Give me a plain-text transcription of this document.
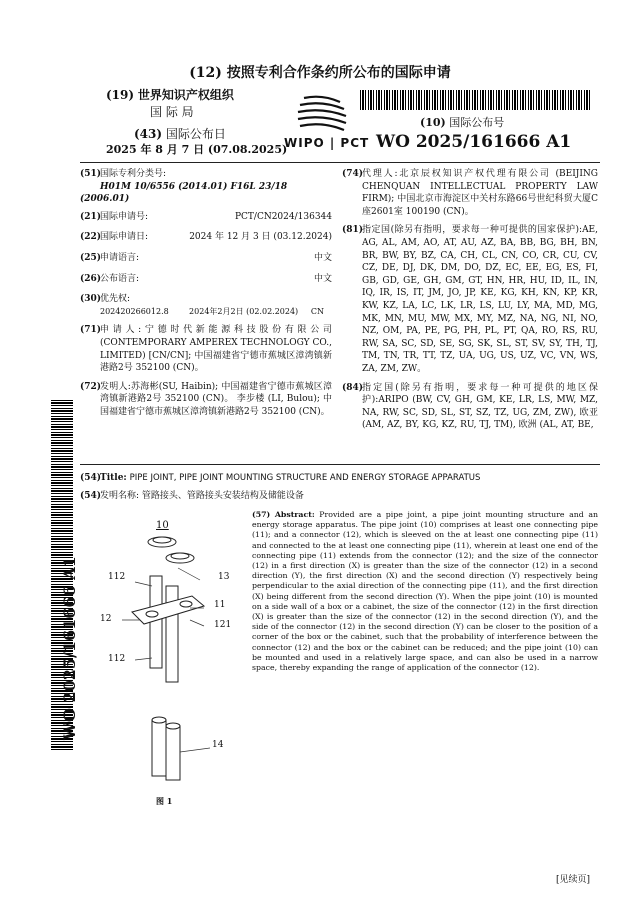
(12) 按照专利合作条约所公布的国际申请
(19) 世界知识产权组织
国 际 局
(43) 国际公布日
2025 年 8 月 7 日 (07.08.2025)
WIPO | PCT
(10) 国际公布号
WO 2025/161666 A1
(51)国际专利分类号:
H01M 10/6556 (2014.01) F16L 23/18 (2006.01)
(21)国际申请号:	PCT/CN2024/136344
(22)国际申请日:	2024 年 12 月 3 日 (03.12.2024)
(25)申请语言:	中文
(26)公布语言:	中文
(30)优先权:
202420266012.8        2024年2月2日 (02.02.2024)     CN
(71)
申请人:宁德时代新能源科技股份有限公司 (CONTEMPORARY AMPEREX TECHNOLOGY CO., LIMITED) [CN/CN]; 中国福建省宁德市蕉城区漳湾镇新港路2号 352100 (CN)。
(72)
发明人:苏海彬(SU, Haibin); 中国福建省宁德市蕉城区漳湾镇新港路2号 352100 (CN)。 李步楼 (LI, Bulou); 中国福建省宁德市蕉城区漳湾镇新港路2号 352100 (CN)。
(74)
代理人:北京辰权知识产权代理有限公司 (BEIJING CHENQUAN INTELLECTUAL PROPERTY LAW FIRM); 中国北京市海淀区中关村东路66号世纪科贸大厦C座2601室 100190 (CN)。
(81)
指定国(除另有指明，要求每一种可提供的国家保护):AE, AG, AL, AM, AO, AT, AU, AZ, BA, BB, BG, BH, BN, BR, BW, BY, BZ, CA, CH, CL, CN, CO, CR, CU, CV, CZ, DE, DJ, DK, DM, DO, DZ, EC, EE, EG, ES, FI, GB, GD, GE, GH, GM, GT, HN, HR, HU, ID, IL, IN, IQ, IR, IS, IT, JM, JO, JP, KE, KG, KH, KN, KP, KR, KW, KZ, LA, LC, LK, LR, LS, LU, LY, MA, MD, MG, MK, MN, MU, MW, MX, MY, MZ, NA, NG, NI, NO, NZ, OM, PA, PE, PG, PH, PL, PT, QA, RO, RS, RU, RW, SA, SC, SD, SE, SG, SK, SL, ST, SV, SY, TH, TJ, TM, TN, TR, TT, TZ, UA, UG, US, UZ, VC, VN, WS, ZA, ZM, ZW。
(84)
指定国(除另有指明，要求每一种可提供的地区保护):ARIPO (BW, CV, GH, GM, KE, LR, LS, MW, MZ, NA, RW, SC, SD, SL, ST, SZ, TZ, UG, ZM, ZW), 欧亚 (AM, AZ, BY, KG, KZ, RU, TJ, TM), 欧洲 (AL, AT, BE,
WO 2025/161666 A1
(54)Title: PIPE JOINT, PIPE JOINT MOUNTING STRUCTURE AND ENERGY STORAGE APPARATUS
(54)发明名称: 管路接头、管路接头安装结构及储能设备
10
112	13
11
12
121
112
14
图 1
(57) Abstract: Provided are a pipe joint, a pipe joint mounting structure and an energy storage apparatus. The pipe joint (10) comprises at least one connecting pipe (11); and a connector (12), which is sleeved on the at least one connecting pipe (11) and connected to the at least one connecting pipe (11), wherein at least one end of the connecting pipe (11) extends from the connector (12); and the size of the connector (12) in a first direction (X) is greater than the size of the connector (12) in a second direction (Y), the first direction (X) and the second direction (Y) respectively being perpendicular to the axial direction of the connecting pipe (11), and the first direction (X) being different from the second direction (Y). When the pipe joint (10) is mounted on a side wall of a box or a cabinet, the size of the connector (12) in the first direction (X) is greater than the size of the connector (12) in the second direction (Y), and the side of the connector (12) in the second direction (Y) can be closer to the position of a corner of the box or the cabinet, such that the probability of interference between the connector (12) and the box or the cabinet can be reduced; and the pipe joint (10) can be mounted and used in a relatively large space, and can also be used in a narrow space, thereby expanding the range of application of the connector (12).
[见续页]
